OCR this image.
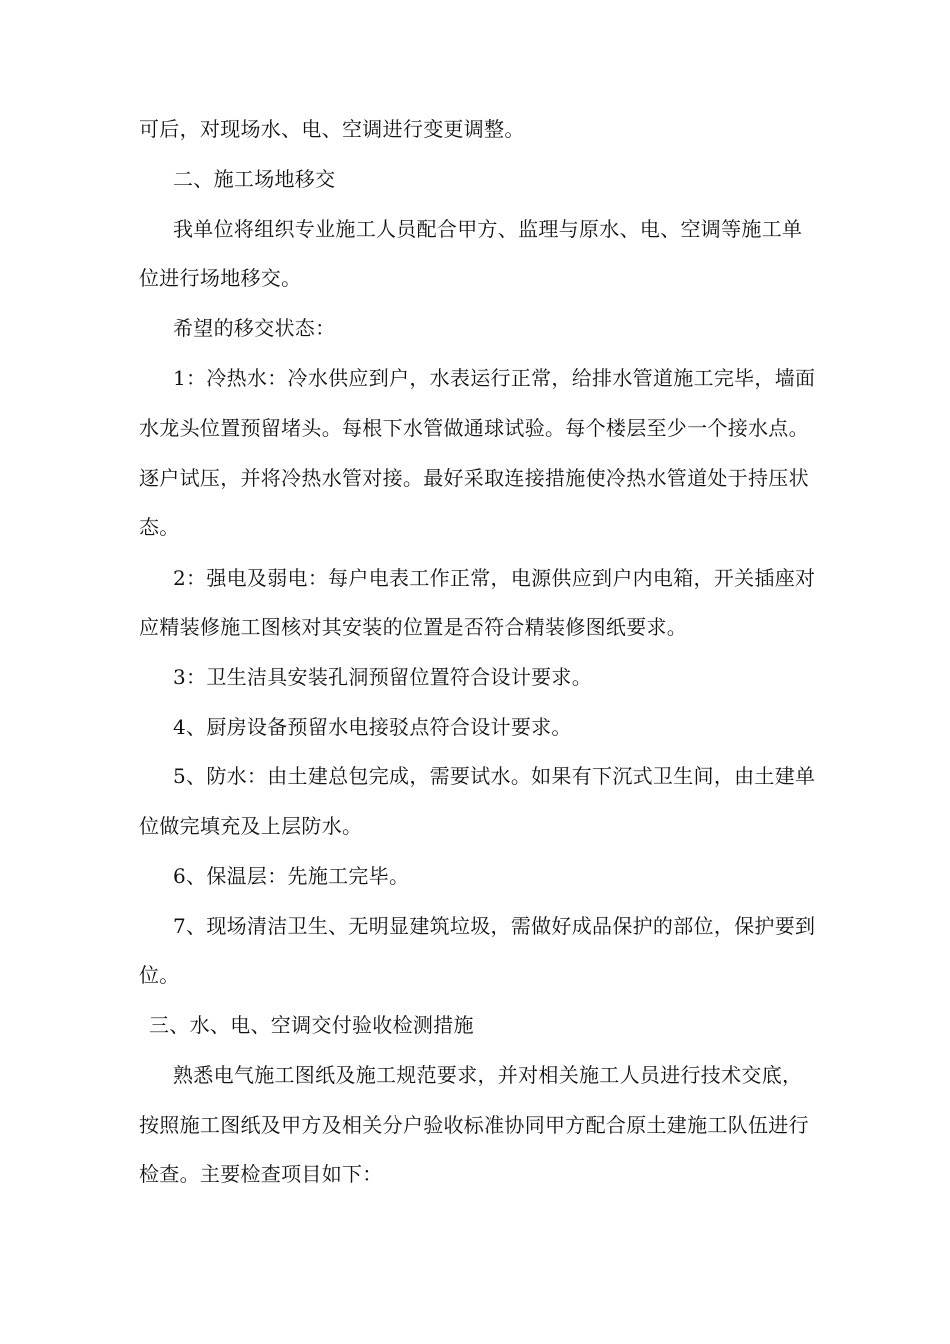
可后，对现场水、电、空调进行变更调整。
二、施工场地移交
我单位将组织专业施工人员配合甲方、监理与原水、电、空调等施工单
位进行场地移交。
希望的移交状态：
1：冷热水：冷水供应到户，水表运行正常，给排水管道施工完毕，墙面
水龙头位置预留堵头。每根下水管做通球试验。每个楼层至少一个接水点。
逐户试压，并将冷热水管对接。最好采取连接措施使冷热水管道处于持压状
态。
2：强电及弱电：每户电表工作正常，电源供应到户内电箱，开关插座对
应精装修施工图核对其安装的位置是否符合精装修图纸要求。
3：卫生洁具安装孔洞预留位置符合设计要求。
4、厨房设备预留水电接驳点符合设计要求。
5、防水：由土建总包完成，需要试水。如果有下沉式卫生间，由土建单
位做完填充及上层防水。
6、保温层：先施工完毕。
7、现场清洁卫生、无明显建筑垃圾，需做好成品保护的部位，保护要到
位。
三、水、电、空调交付验收检测措施
熟悉电气施工图纸及施工规范要求，并对相关施工人员进行技术交底，
按照施工图纸及甲方及相关分户验收标准协同甲方配合原土建施工队伍进行
检查。主要检查项目如下：
